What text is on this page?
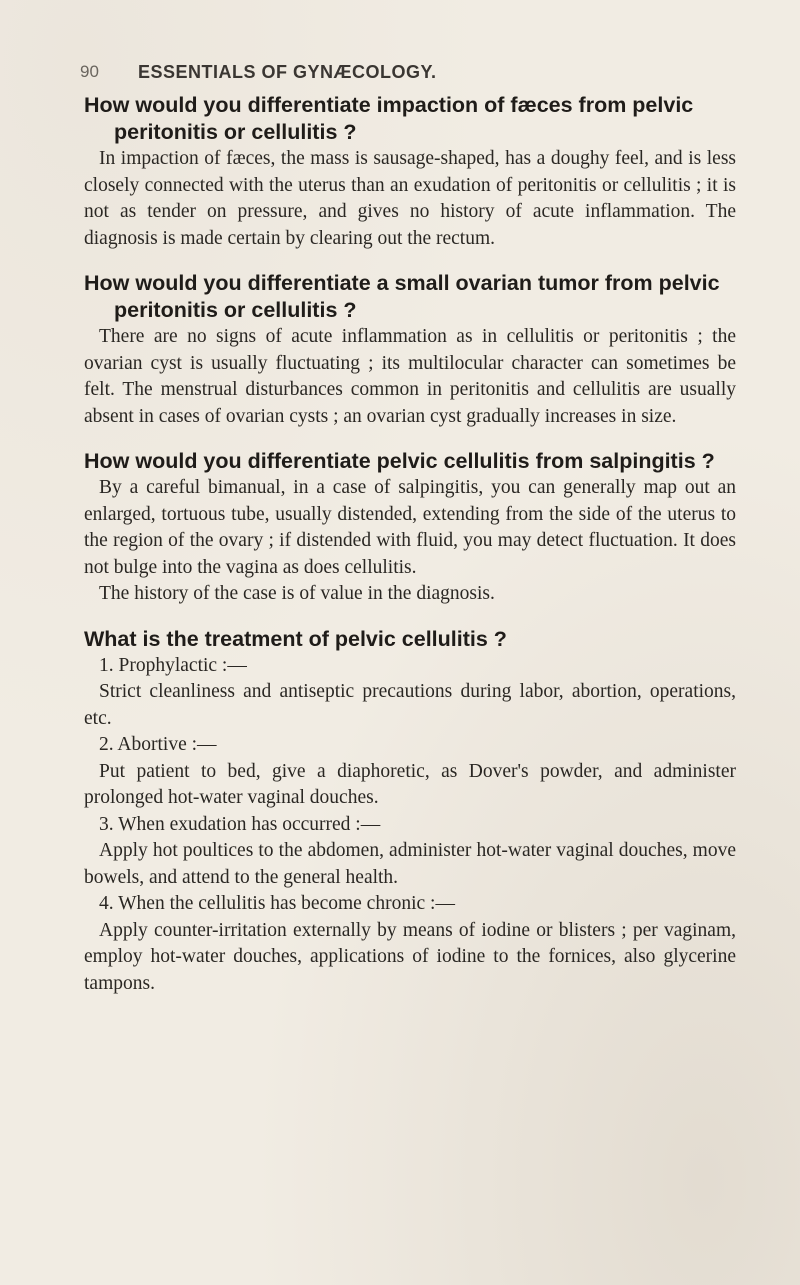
90 ESSENTIALS OF GYNÆCOLOGY.
How would you differentiate impaction of fæces from pelvic peritonitis or cellulitis ?

In impaction of fæces, the mass is sausage-shaped, has a doughy feel, and is less closely connected with the uterus than an exudation of peritonitis or cellulitis ; it is not as tender on pressure, and gives no history of acute inflammation. The diagnosis is made certain by clearing out the rectum.

How would you differentiate a small ovarian tumor from pelvic peritonitis or cellulitis ?

There are no signs of acute inflammation as in cellulitis or peritonitis ; the ovarian cyst is usually fluctuating ; its multilocular character can sometimes be felt. The menstrual disturbances common in peritonitis and cellulitis are usually absent in cases of ovarian cysts ; an ovarian cyst gradually increases in size.

How would you differentiate pelvic cellulitis from salpingitis ?

By a careful bimanual, in a case of salpingitis, you can generally map out an enlarged, tortuous tube, usually distended, extending from the side of the uterus to the region of the ovary ; if distended with fluid, you may detect fluctuation. It does not bulge into the vagina as does cellulitis.

The history of the case is of value in the diagnosis.

What is the treatment of pelvic cellulitis ?

1. Prophylactic :—

Strict cleanliness and antiseptic precautions during labor, abortion, operations, etc.

2. Abortive :—

Put patient to bed, give a diaphoretic, as Dover's powder, and administer prolonged hot-water vaginal douches.

3. When exudation has occurred :—

Apply hot poultices to the abdomen, administer hot-water vaginal douches, move bowels, and attend to the general health.

4. When the cellulitis has become chronic :—

Apply counter-irritation externally by means of iodine or blisters ; per vaginam, employ hot-water douches, applications of iodine to the fornices, also glycerine tampons.
